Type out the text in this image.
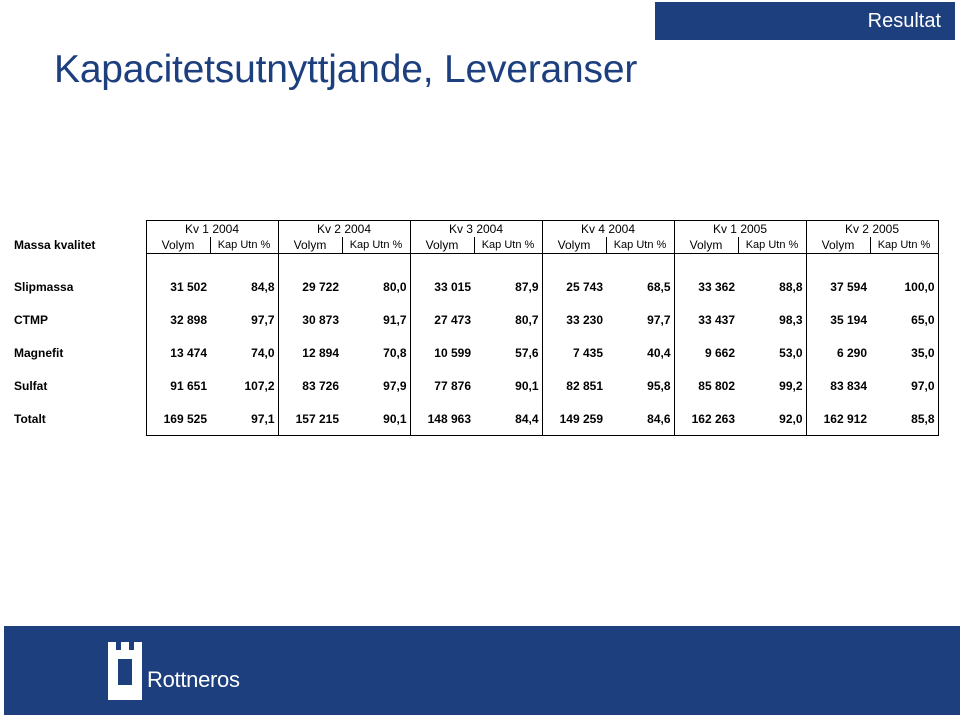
Resultat
Kapacitetsutnyttjande, Leveranser
	Kv 1 2004		Kv 2 2004		Kv 3 2004		Kv 4 2004		Kv 1 2005		Kv 2 2005	
Massa kvalitet	Volym	Kap Utn %	Volym	Kap Utn %	Volym	Kap Utn %	Volym	Kap Utn %	Volym	Kap Utn %	Volym	Kap Utn %

Slipmassa	31 502	84,8	29 722	80,0	33 015	87,9	25 743	68,5	33 362	88,8	37 594	100,0
CTMP	32 898	97,7	30 873	91,7	27 473	80,7	33 230	97,7	33 437	98,3	35 194	65,0
Magnefit	13 474	74,0	12 894	70,8	10 599	57,6	7 435	40,4	9 662	53,0	6 290	35,0
Sulfat	91 651	107,2	83 726	97,9	77 876	90,1	82 851	95,8	85 802	99,2	83 834	97,0
Totalt	169 525	97,1	157 215	90,1	148 963	84,4	149 259	84,6	162 263	92,0	162 912	85,8
Rottneros
